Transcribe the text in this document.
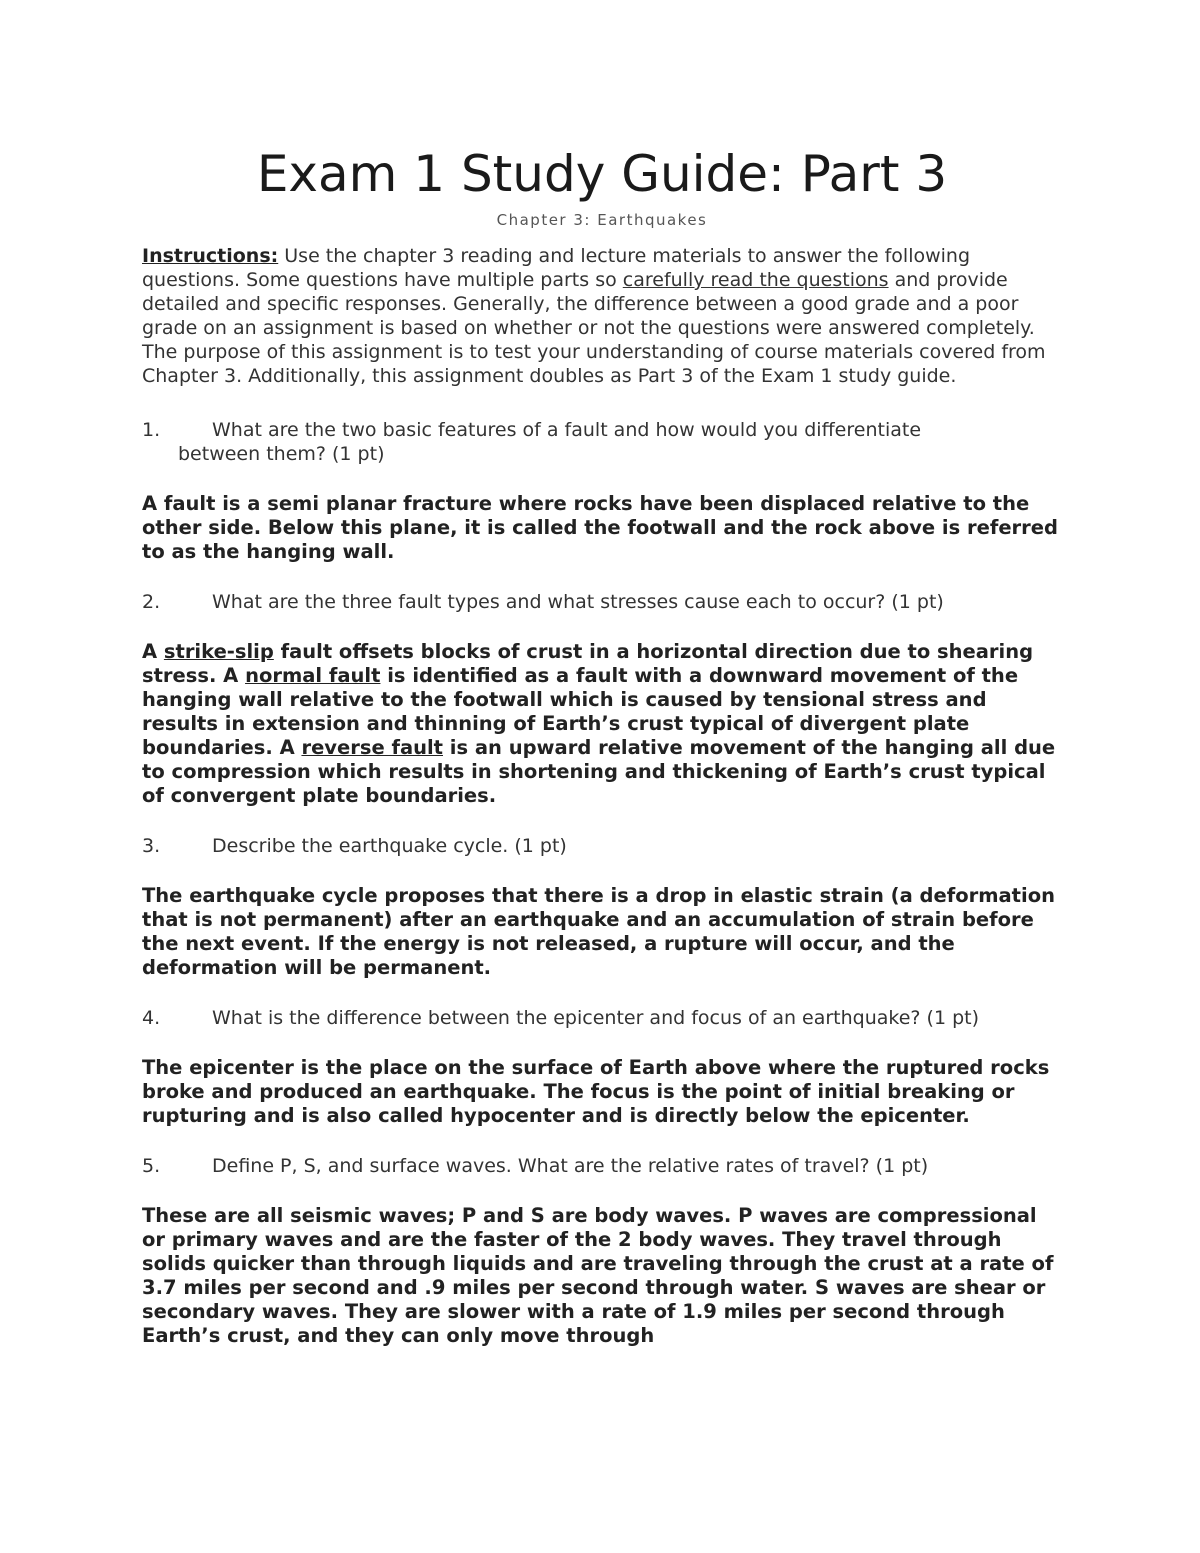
Exam 1 Study Guide: Part 3
Chapter 3: Earthquakes

Instructions: Use the chapter 3 reading and lecture materials to answer the following questions. Some questions have multiple parts so carefully read the questions and provide detailed and specific responses. Generally, the difference between a good grade and a poor grade on an assignment is based on whether or not the questions were answered completely. The purpose of this assignment is to test your understanding of course materials covered from Chapter 3. Additionally, this assignment doubles as Part 3 of the Exam 1 study guide.

1.	What are the two basic features of a fault and how would you differentiate
between them? (1 pt)

A fault is a semi planar fracture where rocks have been displaced relative to the other side. Below this plane, it is called the footwall and the rock above is referred to as the hanging wall.

2.	What are the three fault types and what stresses cause each to occur? (1 pt)

A strike-slip fault offsets blocks of crust in a horizontal direction due to shearing stress. A normal fault is identified as a fault with a downward movement of the hanging wall relative to the footwall which is caused by tensional stress and results in extension and thinning of Earth’s crust typical of divergent plate boundaries. A reverse fault is an upward relative movement of the hanging all due to compression which results in shortening and thickening of Earth’s crust typical of convergent plate boundaries.

3.	Describe the earthquake cycle. (1 pt)

The earthquake cycle proposes that there is a drop in elastic strain (a deformation that is not permanent) after an earthquake and an accumulation of strain before the next event. If the energy is not released, a rupture will occur, and the deformation will be permanent.

4.	What is the difference between the epicenter and focus of an earthquake? (1 pt)

The epicenter is the place on the surface of Earth above where the ruptured rocks broke and produced an earthquake. The focus is the point of initial breaking or rupturing and is also called hypocenter and is directly below the epicenter.

5.	Define P, S, and surface waves. What are the relative rates of travel? (1 pt)

These are all seismic waves; P and S are body waves. P waves are compressional or primary waves and are the faster of the 2 body waves. They travel through solids quicker than through liquids and are traveling through the crust at a rate of 3.7 miles per second and .9 miles per second through water. S waves are shear or secondary waves. They are slower with a rate of 1.9 miles per second through Earth’s crust, and they can only move through
